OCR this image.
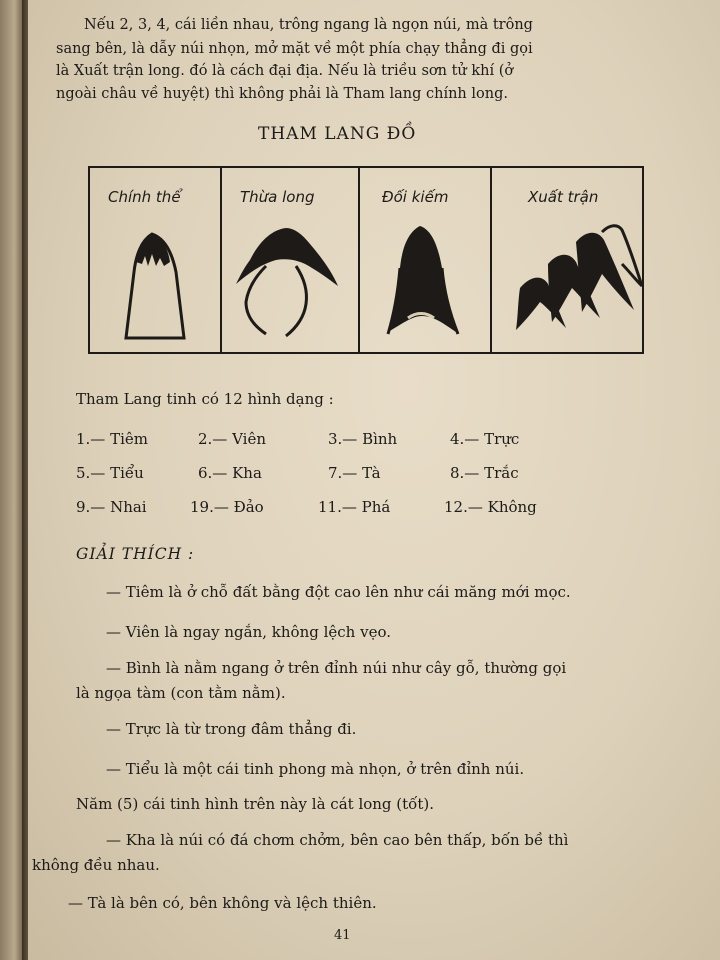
Nếu 2, 3, 4, cái liền nhau, trông ngang là ngọn núi, mà trông
sang bên, là dẫy núi nhọn, mở mặt về một phía chạy thẳng đi gọi
là Xuất trận long. đó là cách đại địa. Nếu là triều sơn tử khí (ở
ngoài châu về huyệt) thì không phải là Tham lang chính long.
THAM LANG ĐỒ
Chính thể	Thừa long	Đối kiếm	Xuất trận
Tham Lang tinh có 12 hình dạng :
1.— Tiêm	2.— Viên	3.— Bình	4.— Trực
5.— Tiểu	6.— Kha	7.— Tà	8.— Trắc
9.— Nhai	19.— Đảo	11.— Phá	12.— Không
GIẢI THÍCH :
— Tiêm là ở chỗ đất bằng đột cao lên như cái măng mới mọc.
— Viên là ngay ngắn, không lệch vẹo.
— Bình là nằm ngang ở trên đỉnh núi như cây gỗ, thường gọi
là ngọa tàm (con tằm nằm).
— Trực là từ trong đâm thẳng đi.
— Tiểu là một cái tinh phong mà nhọn, ở trên đỉnh núi.
Năm (5) cái tinh hình trên này là cát long (tốt).
— Kha là núi có đá chơm chởm, bên cao bên thấp, bốn bề thì
không đều nhau.
— Tà là bên có, bên không và lệch thiên.
41
